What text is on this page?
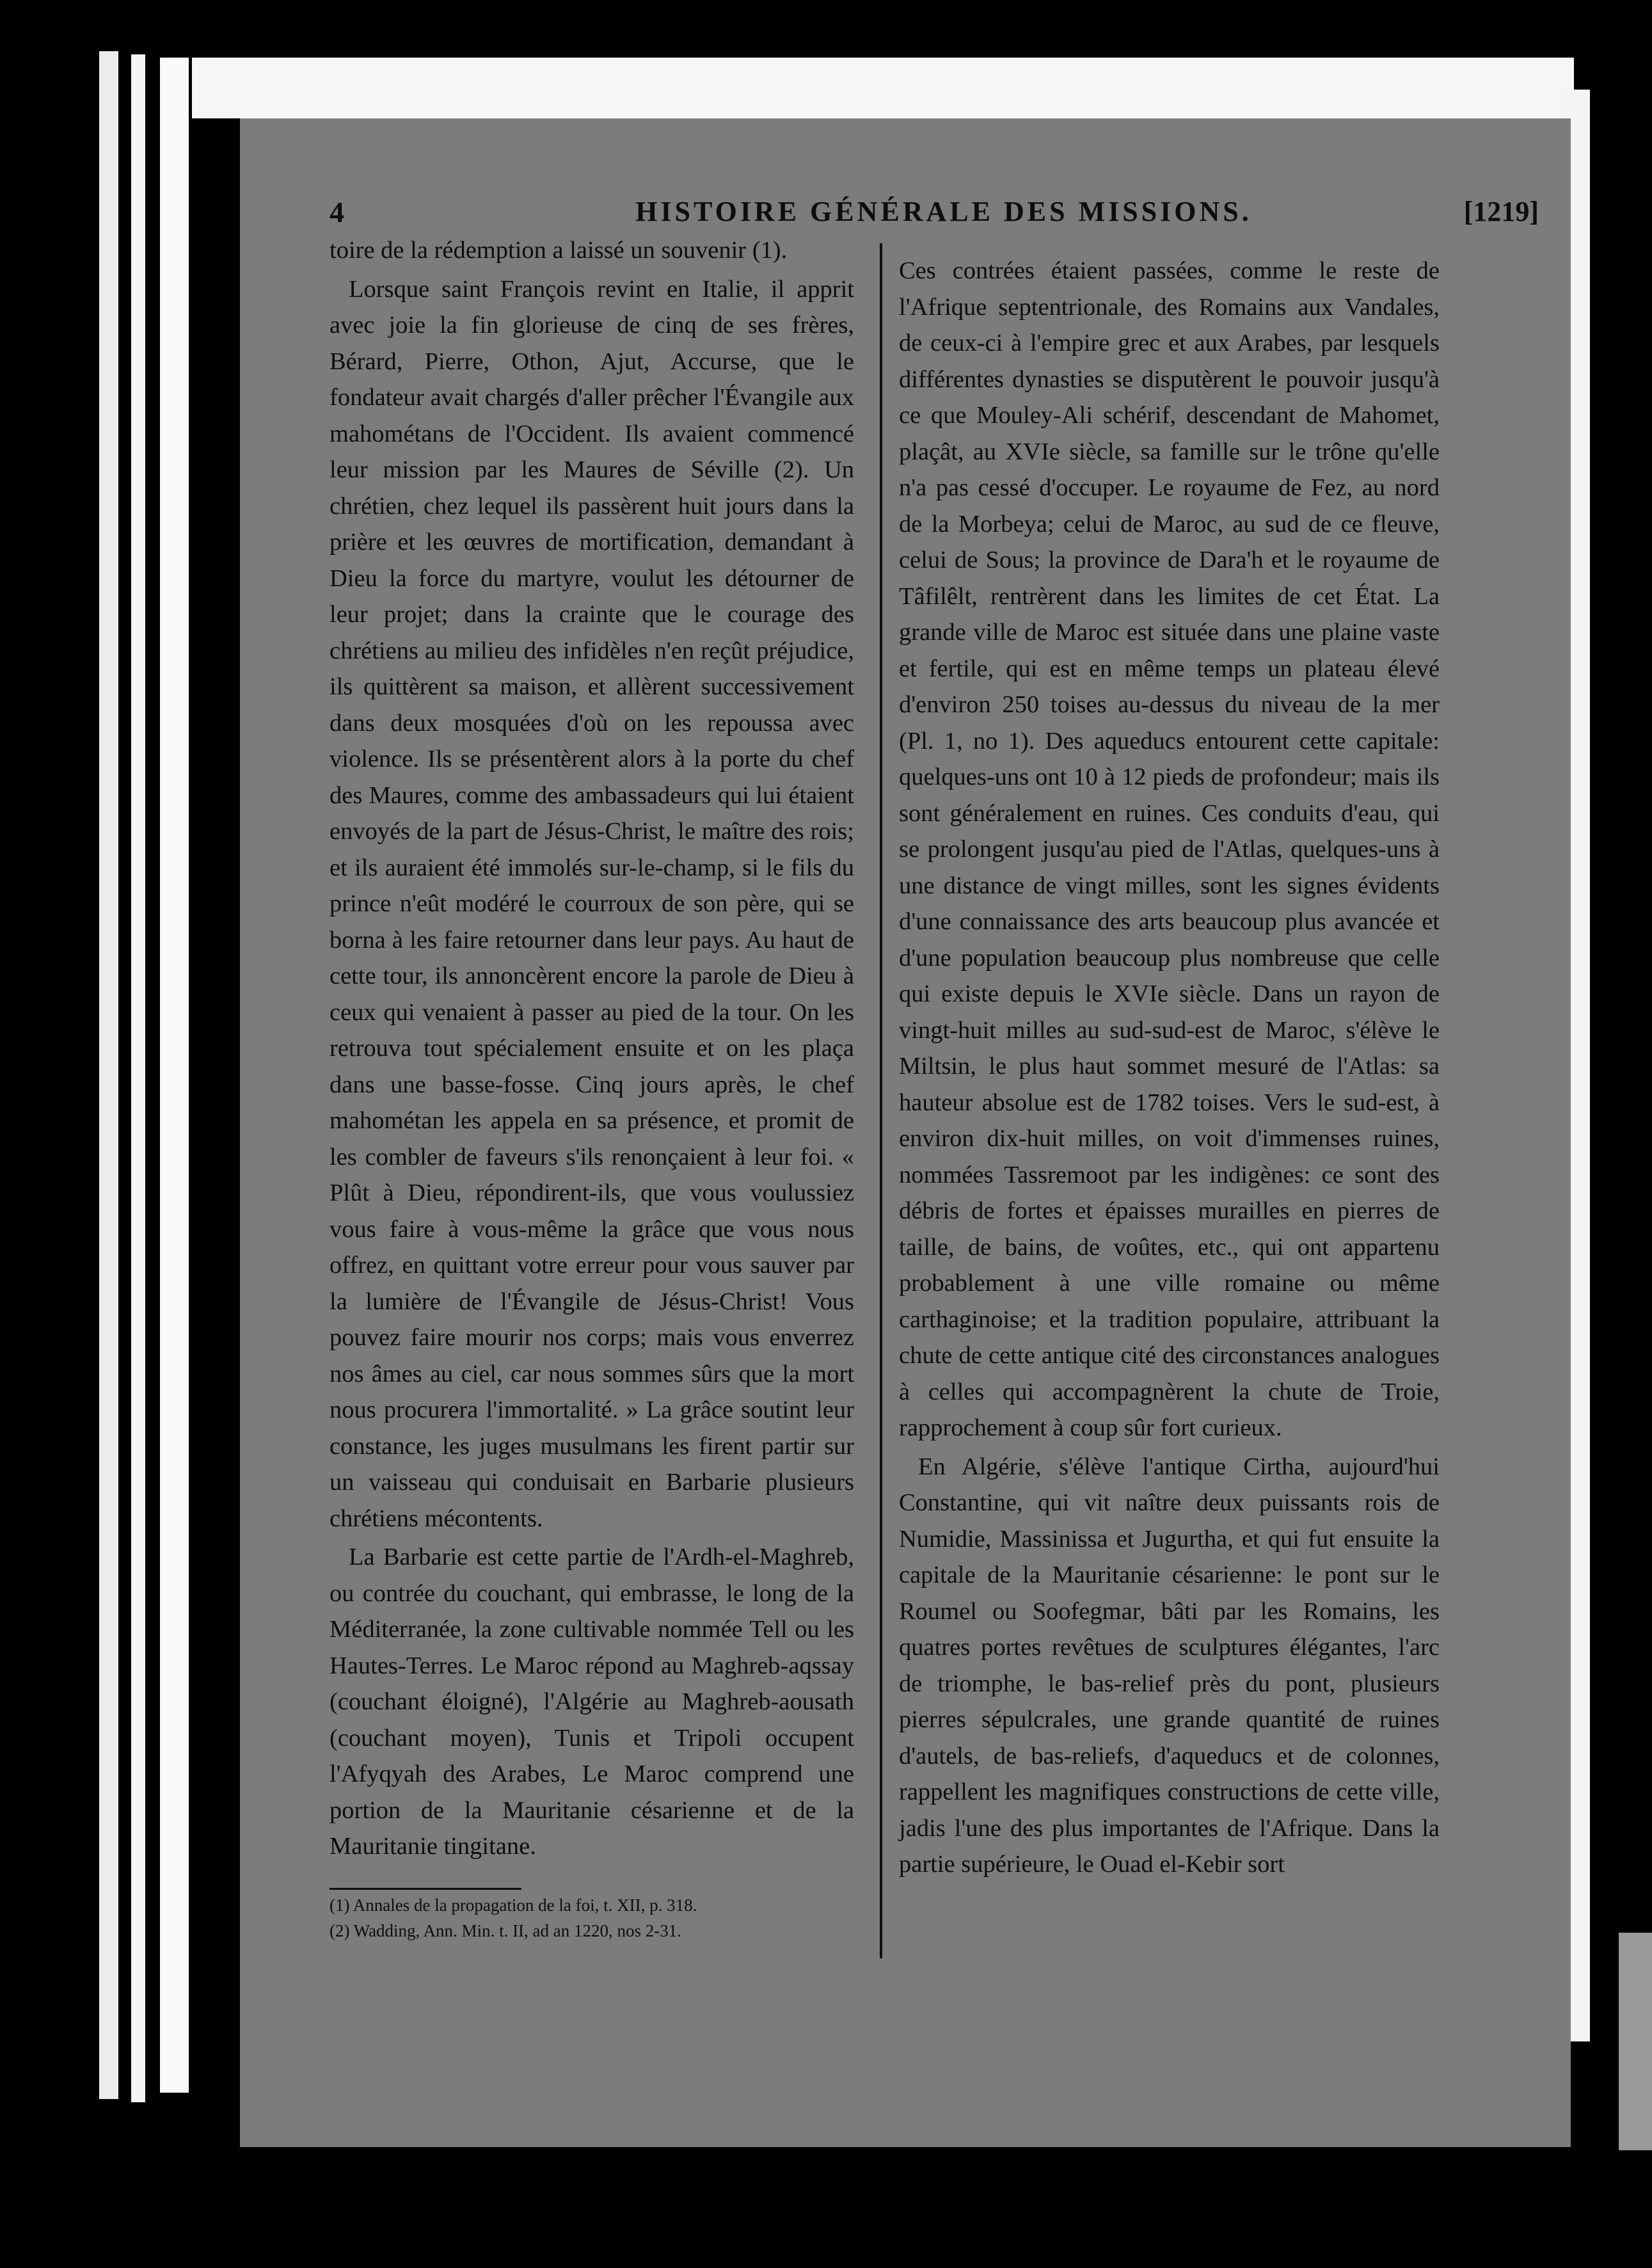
4	HISTOIRE GÉNÉRALE DES MISSIONS.	[1219]

toire de la rédemption a laissé un souvenir (1).

Lorsque saint François revint en Italie, il apprit avec joie la fin glorieuse de cinq de ses frères, Bérard, Pierre, Othon, Ajut, Accurse, que le fondateur avait chargés d'aller prêcher l'Évangile aux mahométans de l'Occident. Ils avaient commencé leur mission par les Maures de Séville (2). Un chrétien, chez lequel ils passèrent huit jours dans la prière et les œuvres de mortification, demandant à Dieu la force du martyre, voulut les détourner de leur projet; dans la crainte que le courage des chrétiens au milieu des infidèles n'en reçût préjudice, ils quittèrent sa maison, et allèrent successivement dans deux mosquées d'où on les repoussa avec violence. Ils se présentèrent alors à la porte du chef des Maures, comme des ambassadeurs qui lui étaient envoyés de la part de Jésus-Christ, le maître des rois; et ils auraient été immolés sur-le-champ, si le fils du prince n'eût modéré le courroux de son père, qui se borna à les faire retourner dans leur pays. Au haut de cette tour, ils annoncèrent encore la parole de Dieu à ceux qui venaient à passer au pied de la tour. On les retrouva tout spécialement ensuite et on les plaça dans une basse-fosse. Cinq jours après, le chef mahométan les appela en sa présence, et promit de les combler de faveurs s'ils renonçaient à leur foi. « Plût à Dieu, répondirent-ils, que vous voulussiez vous faire à vous-même la grâce que vous nous offrez, en quittant votre erreur pour vous sauver par la lumière de l'Évangile de Jésus-Christ! Vous pouvez faire mourir nos corps; mais vous enverrez nos âmes au ciel, car nous sommes sûrs que la mort nous procurera l'immortalité. » La grâce soutint leur constance, les juges musulmans les firent partir sur un vaisseau qui conduisait en Barbarie plusieurs chrétiens mécontents.

La Barbarie est cette partie de l'Ardh-el-Maghreb, ou contrée du couchant, qui embrasse, le long de la Méditerranée, la zone cultivable nommée Tell ou les Hautes-Terres. Le Maroc répond au Maghreb-aqssay (couchant éloigné), l'Algérie au Maghreb-aousath (couchant moyen), Tunis et Tripoli occupent l'Afyqyah des Arabes, Le Maroc comprend une portion de la Mauritanie césarienne et de la Mauritanie tingitane.

Ces contrées étaient passées, comme le reste de l'Afrique septentrionale, des Romains aux Vandales, de ceux-ci à l'empire grec et aux Arabes, par lesquels différentes dynasties se disputèrent le pouvoir jusqu'à ce que Mouley-Ali schérif, descendant de Mahomet, plaçât, au XVIe siècle, sa famille sur le trône qu'elle n'a pas cessé d'occuper. Le royaume de Fez, au nord de la Morbeya; celui de Maroc, au sud de ce fleuve, celui de Sous; la province de Dara'h et le royaume de Tâfilêlt, rentrèrent dans les limites de cet État. La grande ville de Maroc est située dans une plaine vaste et fertile, qui est en même temps un plateau élevé d'environ 250 toises au-dessus du niveau de la mer (Pl. 1, no 1). Des aqueducs entourent cette capitale: quelques-uns ont 10 à 12 pieds de profondeur; mais ils sont généralement en ruines. Ces conduits d'eau, qui se prolongent jusqu'au pied de l'Atlas, quelques-uns à une distance de vingt milles, sont les signes évidents d'une connaissance des arts beaucoup plus avancée et d'une population beaucoup plus nombreuse que celle qui existe depuis le XVIe siècle. Dans un rayon de vingt-huit milles au sud-sud-est de Maroc, s'élève le Miltsin, le plus haut sommet mesuré de l'Atlas: sa hauteur absolue est de 1782 toises. Vers le sud-est, à environ dix-huit milles, on voit d'immenses ruines, nommées Tassremoot par les indigènes: ce sont des débris de fortes et épaisses murailles en pierres de taille, de bains, de voûtes, etc., qui ont appartenu probablement à une ville romaine ou même carthaginoise; et la tradition populaire, attribuant la chute de cette antique cité des circonstances analogues à celles qui accompagnèrent la chute de Troie, rapprochement à coup sûr fort curieux.

En Algérie, s'élève l'antique Cirtha, aujourd'hui Constantine, qui vit naître deux puissants rois de Numidie, Massinissa et Jugurtha, et qui fut ensuite la capitale de la Mauritanie césarienne: le pont sur le Roumel ou Soofegmar, bâti par les Romains, les quatres portes revêtues de sculptures élégantes, l'arc de triomphe, le bas-relief près du pont, plusieurs pierres sépulcrales, une grande quantité de ruines d'autels, de bas-reliefs, d'aqueducs et de colonnes, rappellent les magnifiques constructions de cette ville, jadis l'une des plus importantes de l'Afrique. Dans la partie supérieure, le Ouad el-Kebir sort

(1) Annales de la propagation de la foi, t. XII, p. 318.
(2) Wadding, Ann. Min. t. II, ad an 1220, nos 2-31.
